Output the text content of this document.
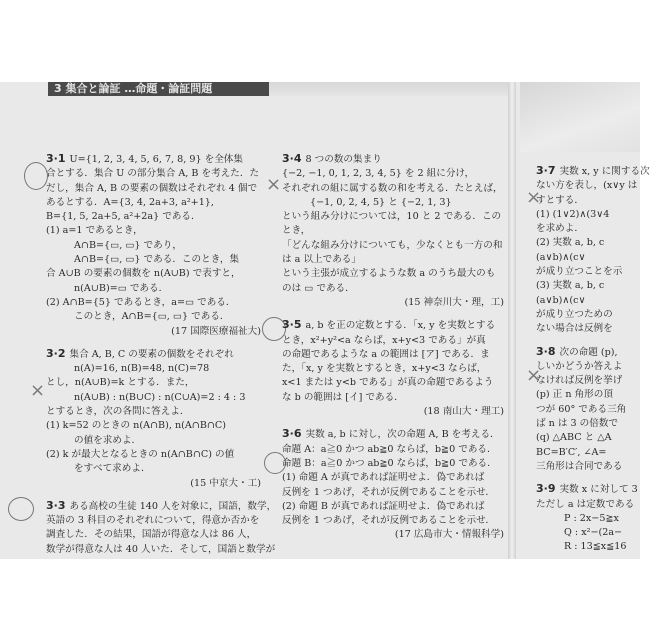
3 集合と論証 …命題・論証問題
×
×
×
×
3·1 U={1, 2, 3, 4, 5, 6, 7, 8, 9} を全体集
合とする．集合 U の部分集合 A, B を考えた．た
だし，集合 A, B の要素の個数はそれぞれ 4 個で
あるとする．A={3, 4, 2a+3, a²+1},
B={1, 5, 2a+5, a²+2a} である．
(1) a=1 であるとき，
A∩B={▭, ▭} であり，
A∩B={▭, ▭} である．このとき，集
合 A∪B の要素の個数を n(A∪B) で表すと，
n(A∪B)=▭ である．
(2) A∩B={5} であるとき，a=▭ である．
このとき，A∩B={▭, ▭} である．
(17 国際医療福祉大)
3·2 集合 A, B, C の要素の個数をそれぞれ
n(A)=16, n(B)=48, n(C)=78
とし，n(A∪B)=k とする．また，
n(A∪B) : n(B∪C) : n(C∪A)=2 : 4 : 3
とするとき，次の各問に答えよ．
(1) k=52 のときの n(A∩B), n(A∩B∩C)
の値を求めよ．
(2) k が最大となるときの n(A∩B∩C) の値
をすべて求めよ．
(15 中京大・工)
3·3 ある高校の生徒 140 人を対象に，国語，数学，
英語の 3 科目のそれぞれについて，得意か否かを
調査した．その結果，国語が得意な人は 86 人，
数学が得意な人は 40 人いた．そして，国語と数学が
3·4 8 つの数の集まり
{−2, −1, 0, 1, 2, 3, 4, 5} を 2 組に分け，
それぞれの組に属する数の和を考える．たとえば，
{−1, 0, 2, 4, 5} と {−2, 1, 3}
という組み分けについては，10 と 2 である．この
とき，
「どんな組み分けについても，少なくとも一方の和
は a 以上である」
という主張が成立するような数 a のうち最大のも
のは ▭ である．
(15 神奈川大・理，工)
3·5 a, b を正の定数とする．「x, y を実数とする
とき，x²+y²<a ならば，x+y<3 である」が真
の命題であるような a の範囲は [ア] である．ま
た，「x, y を実数とするとき，x+y<3 ならば，
x<1 または y<b である」が真の命題であるよう
な b の範囲は [イ] である．
(18 南山大・理工)
3·6 実数 a, b に対し，次の命題 A, B を考える．
命題 A：a≧0 かつ ab≧0 ならば，b≧0 である．
命題 B：a≧0 かつ ab≧0 ならば，b≧0 である．
(1) 命題 A が真であれば証明せよ．偽であれば
反例を 1 つあげ，それが反例であることを示せ．
(2) 命題 B が真であれば証明せよ．偽であれば
反例を 1 つあげ，それが反例であることを示せ．
(17 広島市大・情報科学)
3·7 実数 x, y に関する次
ない方を表し，(x∨y は
すとする．
(1) (1∨2)∧(3∨4
を求めよ．
(2) 実数 a, b, c
(a∨b)∧(c∨
が成り立つことを示
(3) 実数 a, b, c
(a∨b)∧(c∨
が成り立つための
ない場合は反例を
3·8 次の命題 (p),
しいかどうか答えよ
なければ反例を挙げ
(p) 正 n 角形の頂
つが 60° である三角
ば n は 3 の倍数で
(q) △ABC と △A
BC=B′C′, ∠A=
三角形は合同である
3·9 実数 x に対して 3
ただし a は定数である
P : 2x−5≧x
Q : x²−(2a−
R : 13≦x≦16
